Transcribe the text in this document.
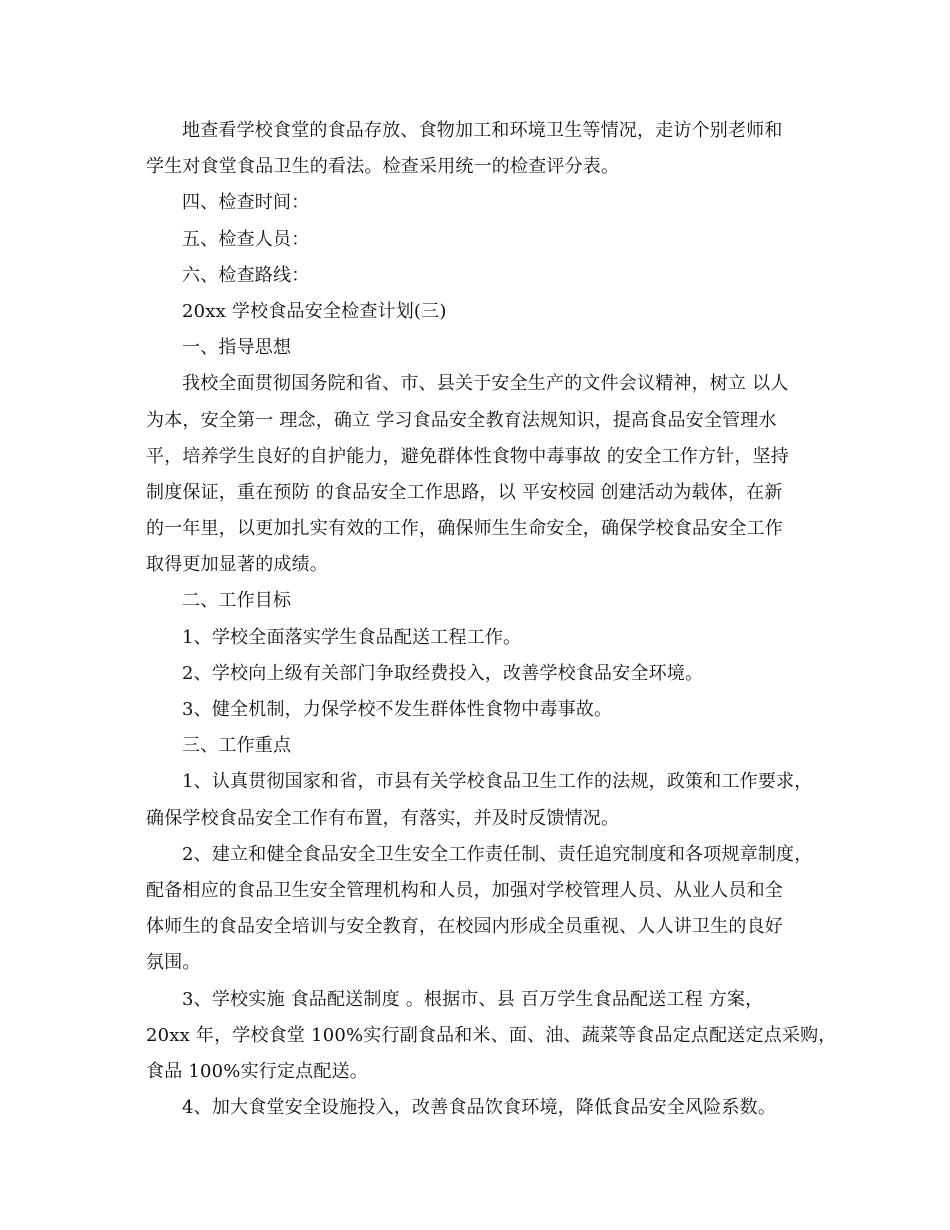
地查看学校食堂的食品存放、食物加工和环境卫生等情况，走访个别老师和
学生对食堂食品卫生的看法。检查采用统一的检查评分表。
四、检查时间：
五、检查人员：
六、检查路线：
20xx 学校食品安全检查计划(三)
一、指导思想
我校全面贯彻国务院和省、市、县关于安全生产的文件会议精神，树立 以人
为本，安全第一 理念，确立 学习食品安全教育法规知识，提高食品安全管理水
平，培养学生良好的自护能力，避免群体性食物中毒事故 的安全工作方针，坚持
制度保证，重在预防 的食品安全工作思路，以 平安校园 创建活动为载体，在新
的一年里，以更加扎实有效的工作，确保师生生命安全，确保学校食品安全工作
取得更加显著的成绩。
二、工作目标
1、学校全面落实学生食品配送工程工作。
2、学校向上级有关部门争取经费投入，改善学校食品安全环境。
3、健全机制，力保学校不发生群体性食物中毒事故。
三、工作重点
1、认真贯彻国家和省，市县有关学校食品卫生工作的法规，政策和工作要求，
确保学校食品安全工作有布置，有落实，并及时反馈情况。
2、建立和健全食品安全卫生安全工作责任制、责任追究制度和各项规章制度，
配备相应的食品卫生安全管理机构和人员，加强对学校管理人员、从业人员和全
体师生的食品安全培训与安全教育，在校园内形成全员重视、人人讲卫生的良好
氛围。
3、学校实施 食品配送制度 。根据市、县 百万学生食品配送工程 方案，
20xx 年，学校食堂 100%实行副食品和米、面、油、蔬菜等食品定点配送定点采购，
食品 100%实行定点配送。
4、加大食堂安全设施投入，改善食品饮食环境，降低食品安全风险系数。
